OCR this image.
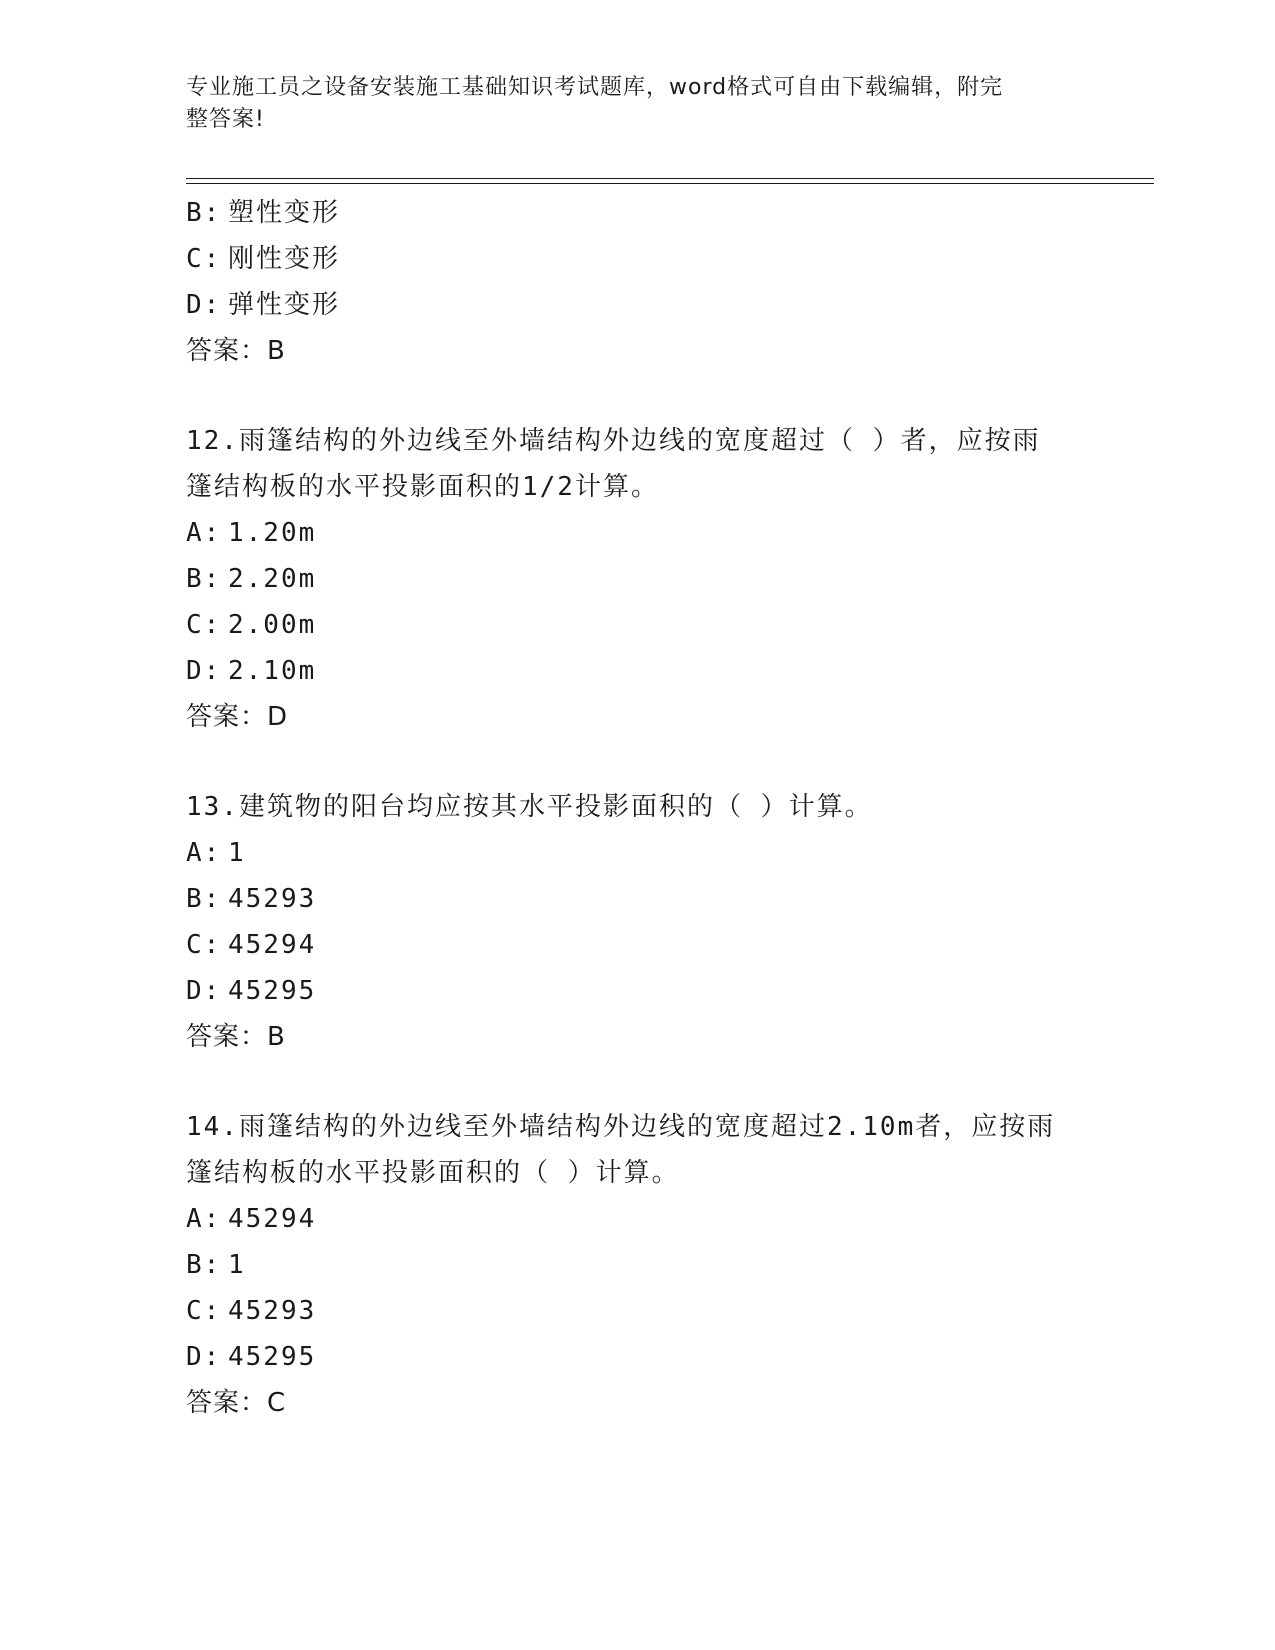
专业施工员之设备安装施工基础知识考试题库，word格式可自由下载编辑，附完
整答案!
B: 塑性变形
C: 刚性变形
D: 弹性变形
答案：B
12.雨篷结构的外边线至外墙结构外边线的宽度超过（ ）者，应按雨
篷结构板的水平投影面积的1/2计算。
A: 1.20m
B: 2.20m
C: 2.00m
D: 2.10m
答案：D
13.建筑物的阳台均应按其水平投影面积的（ ）计算。
A: 1
B: 45293
C: 45294
D: 45295
答案：B
14.雨篷结构的外边线至外墙结构外边线的宽度超过2.10m者，应按雨
篷结构板的水平投影面积的（ ）计算。
A: 45294
B: 1
C: 45293
D: 45295
答案：C
